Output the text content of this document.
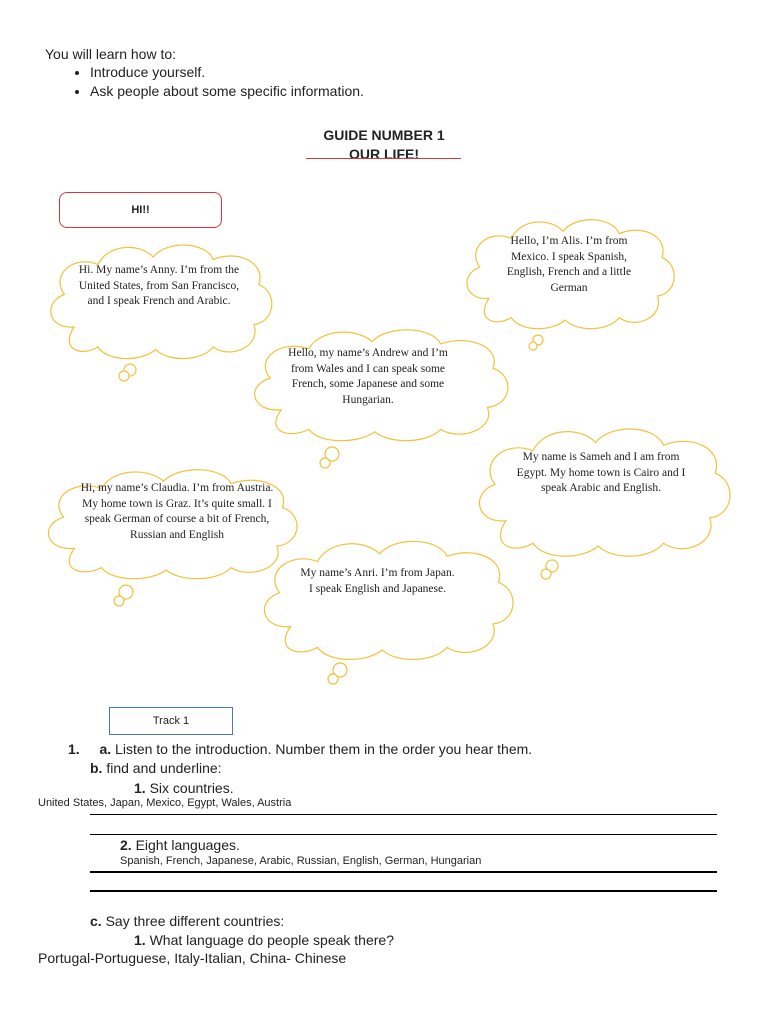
You will learn how to:
• Introduce yourself.
• Ask people about some specific information.
GUIDE NUMBER 1
OUR LIFE!
HI!!
Hi. My name’s Anny. I’m from the United States, from San Francisco, and I speak French and Arabic.
Hello, I’m Alis. I’m from Mexico. I speak Spanish, English, French and a little German
Hello, my name’s Andrew and I’m from Wales and I can speak some French, some Japanese and some Hungarian.
My name is Sameh and I am from Egypt. My home town is Cairo and I speak Arabic and English.
Hi, my name’s Claudia. I’m from Austria. My home town is Graz. It’s quite small. I speak German of course a bit of French, Russian and English
My name’s Anri. I’m from Japan. I speak English and Japanese.
Track 1
1. a. Listen to the introduction. Number them in the order you hear them.
b. find and underline:
1. Six countries.
United States, Japan, Mexico, Egypt, Wales, Austria
2. Eight languages.
Spanish, French, Japanese, Arabic, Russian, English, German, Hungarian
c. Say three different countries:
1. What language do people speak there?
Portugal-Portuguese, Italy-Italian, China- Chinese
